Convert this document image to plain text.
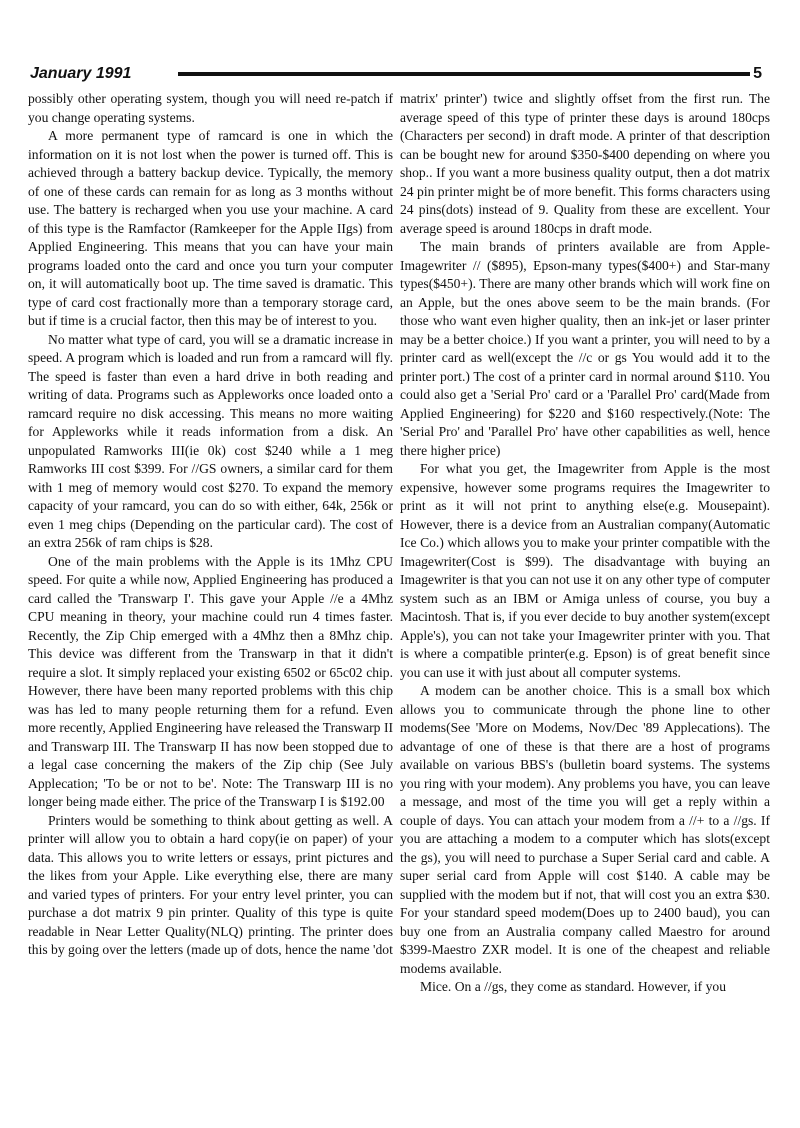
January 1991	5

possibly other operating system, though you will need re-patch if you change operating systems.

A more permanent type of ramcard is one in which the information on it is not lost when the power is turned off. This is achieved through a battery backup device. Typically, the memory of one of these cards can remain for as long as 3 months without use. The battery is recharged when you use your machine. A card of this type is the Ramfactor (Ramkeeper for the Apple IIgs) from Applied Engineering. This means that you can have your main programs loaded onto the card and once you turn your computer on, it will automatically boot up. The time saved is dramatic. This type of card cost fractionally more than a temporary storage card, but if time is a crucial factor, then this may be of interest to you.

No matter what type of card, you will se a dramatic increase in speed. A program which is loaded and run from a ramcard will fly. The speed is faster than even a hard drive in both reading and writing of data. Programs such as Appleworks once loaded onto a ramcard require no disk accessing. This means no more waiting for Appleworks while it reads information from a disk. An unpopulated Ramworks III(ie 0k) cost $240 while a 1 meg Ramworks III cost $399. For //GS owners, a similar card for them with 1 meg of memory would cost $270. To expand the memory capacity of your ramcard, you can do so with either, 64k, 256k or even 1 meg chips (Depending on the particular card). The cost of an extra 256k of ram chips is $28.

One of the main problems with the Apple is its 1Mhz CPU speed. For quite a while now, Applied Engineering has produced a card called the 'Transwarp I'. This gave your Apple //e a 4Mhz CPU meaning in theory, your machine could run 4 times faster. Recently, the Zip Chip emerged with a 4Mhz then a 8Mhz chip. This device was different from the Transwarp in that it didn't require a slot. It simply replaced your existing 6502 or 65c02 chip. However, there have been many reported problems with this chip was has led to many people returning them for a refund. Even more recently, Applied Engineering have released the Transwarp II and Transwarp III. The Transwarp II has now been stopped due to a legal case concerning the makers of the Zip chip (See July Applecation; 'To be or not to be'. Note: The Transwarp III is no longer being made either. The price of the Transwarp I is $192.00

Printers would be something to think about getting as well. A printer will allow you to obtain a hard copy(ie on paper) of your data. This allows you to write letters or essays, print pictures and the likes from your Apple. Like everything else, there are many and varied types of printers. For your entry level printer, you can purchase a dot matrix 9 pin printer. Quality of this type is quite readable in Near Letter Quality(NLQ) printing. The printer does this by going over the letters (made up of dots, hence the name 'dot

matrix' printer') twice and slightly offset from the first run. The average speed of this type of printer these days is around 180cps (Characters per second) in draft mode. A printer of that description can be bought new for around $350-$400 depending on where you shop.. If you want a more business quality output, then a dot matrix 24 pin printer might be of more benefit. This forms characters using 24 pins(dots) instead of 9. Quality from these are excellent. Your average speed is around 180cps in draft mode.

The main brands of printers available are from Apple-Imagewriter // ($895), Epson-many types($400+) and Star-many types($450+). There are many other brands which will work fine on an Apple, but the ones above seem to be the main brands. (For those who want even higher quality, then an ink-jet or laser printer may be a better choice.) If you want a printer, you will need to by a printer card as well(except the //c or gs You would add it to the printer port.) The cost of a printer card in normal around $110. You could also get a 'Serial Pro' card or a 'Parallel Pro' card(Made from Applied Engineering) for $220 and $160 respectively.(Note: The 'Serial Pro' and 'Parallel Pro' have other capabilities as well, hence there higher price)

For what you get, the Imagewriter from Apple is the most expensive, however some programs requires the Imagewriter to print as it will not print to anything else(e.g. Mousepaint). However, there is a device from an Australian company(Automatic Ice Co.) which allows you to make your printer compatible with the Imagewriter(Cost is $99). The disadvantage with buying an Imagewriter is that you can not use it on any other type of computer system such as an IBM or Amiga unless of course, you buy a Macintosh. That is, if you ever decide to buy another system(except Apple's), you can not take your Imagewriter printer with you. That is where a compatible printer(e.g. Epson) is of great benefit since you can use it with just about all computer systems.

A modem can be another choice. This is a small box which allows you to communicate through the phone line to other modems(See 'More on Modems, Nov/Dec '89 Applecations). The advantage of one of these is that there are a host of programs available on various BBS's (bulletin board systems. The systems you ring with your modem). Any problems you have, you can leave a message, and most of the time you will get a reply within a couple of days. You can attach your modem from a //+ to a //gs. If you are attaching a modem to a computer which has slots(except the gs), you will need to purchase a Super Serial card and cable. A super serial card from Apple will cost $140. A cable may be supplied with the modem but if not, that will cost you an extra $30. For your standard speed modem(Does up to 2400 baud), you can buy one from an Australia company called Maestro for around $399-Maestro ZXR model. It is one of the cheapest and reliable modems available.

Mice. On a //gs, they come as standard. However, if you
